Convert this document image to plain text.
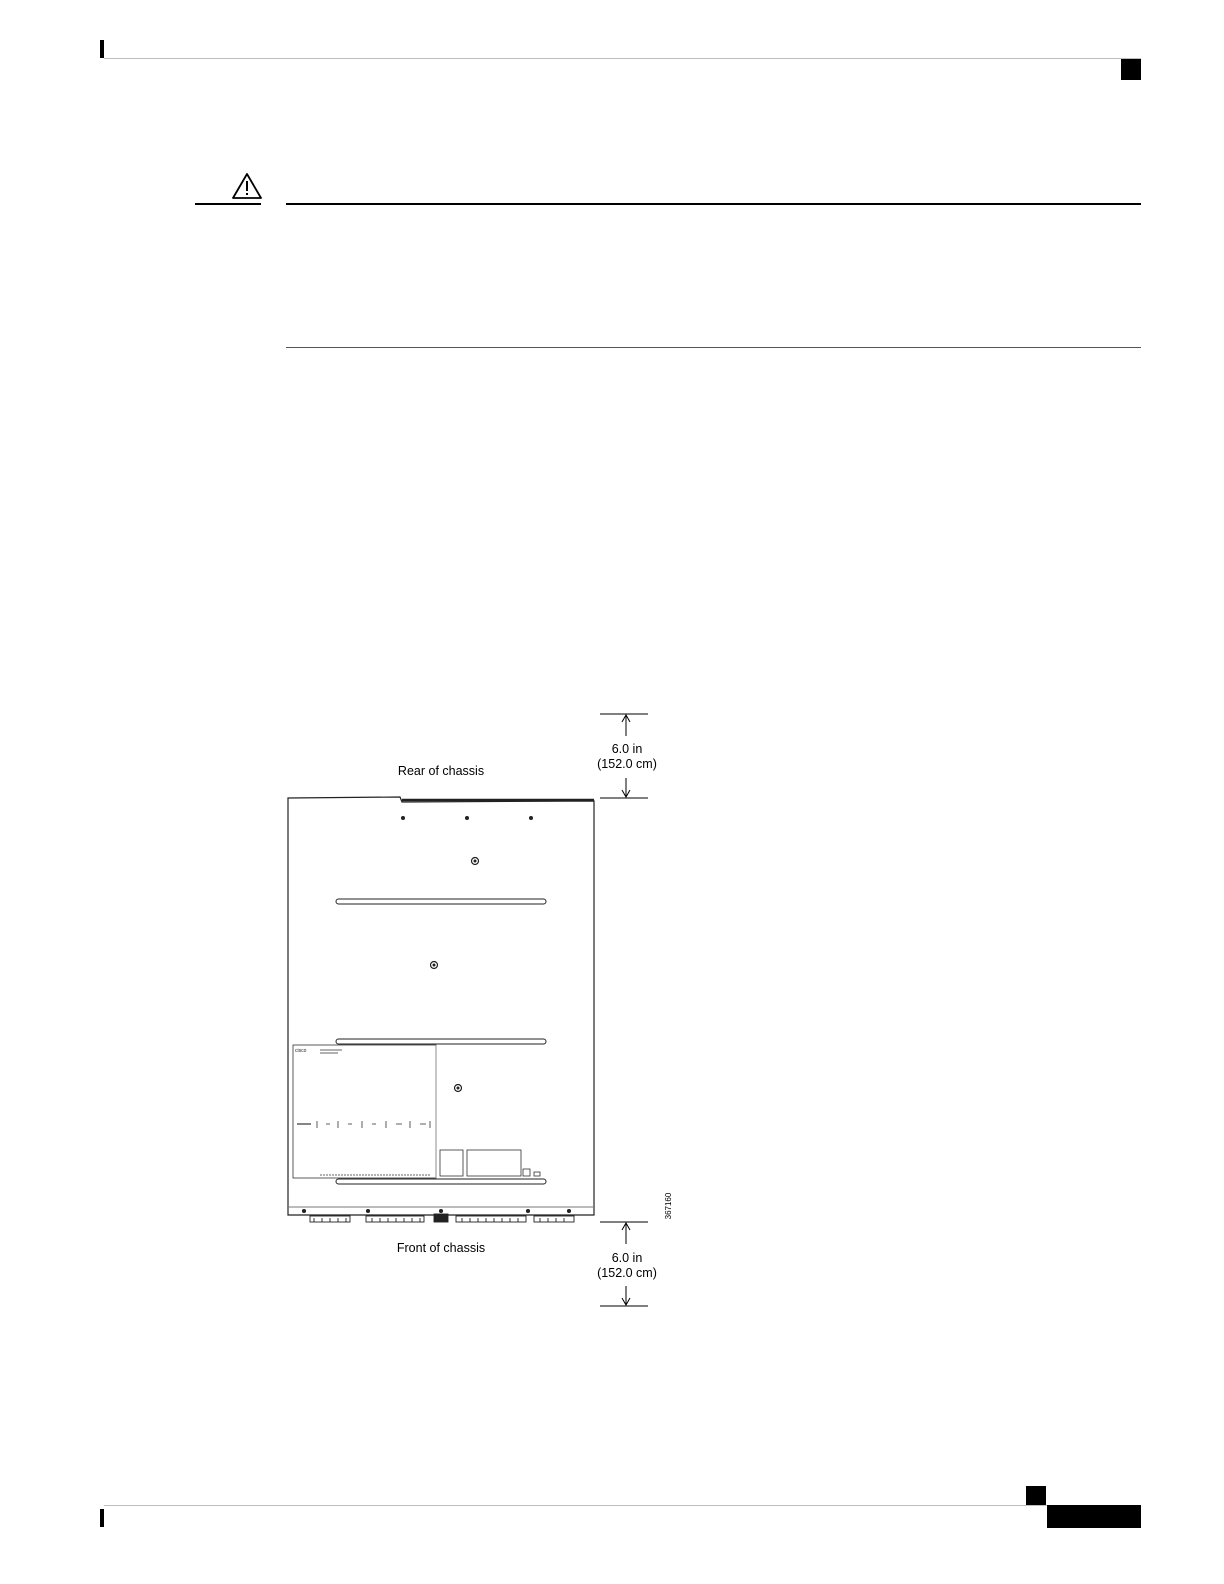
6.0 in
(152.0 cm)
Rear of chassis
cisco
367160
6.0 in
(152.0 cm)
Front of chassis
